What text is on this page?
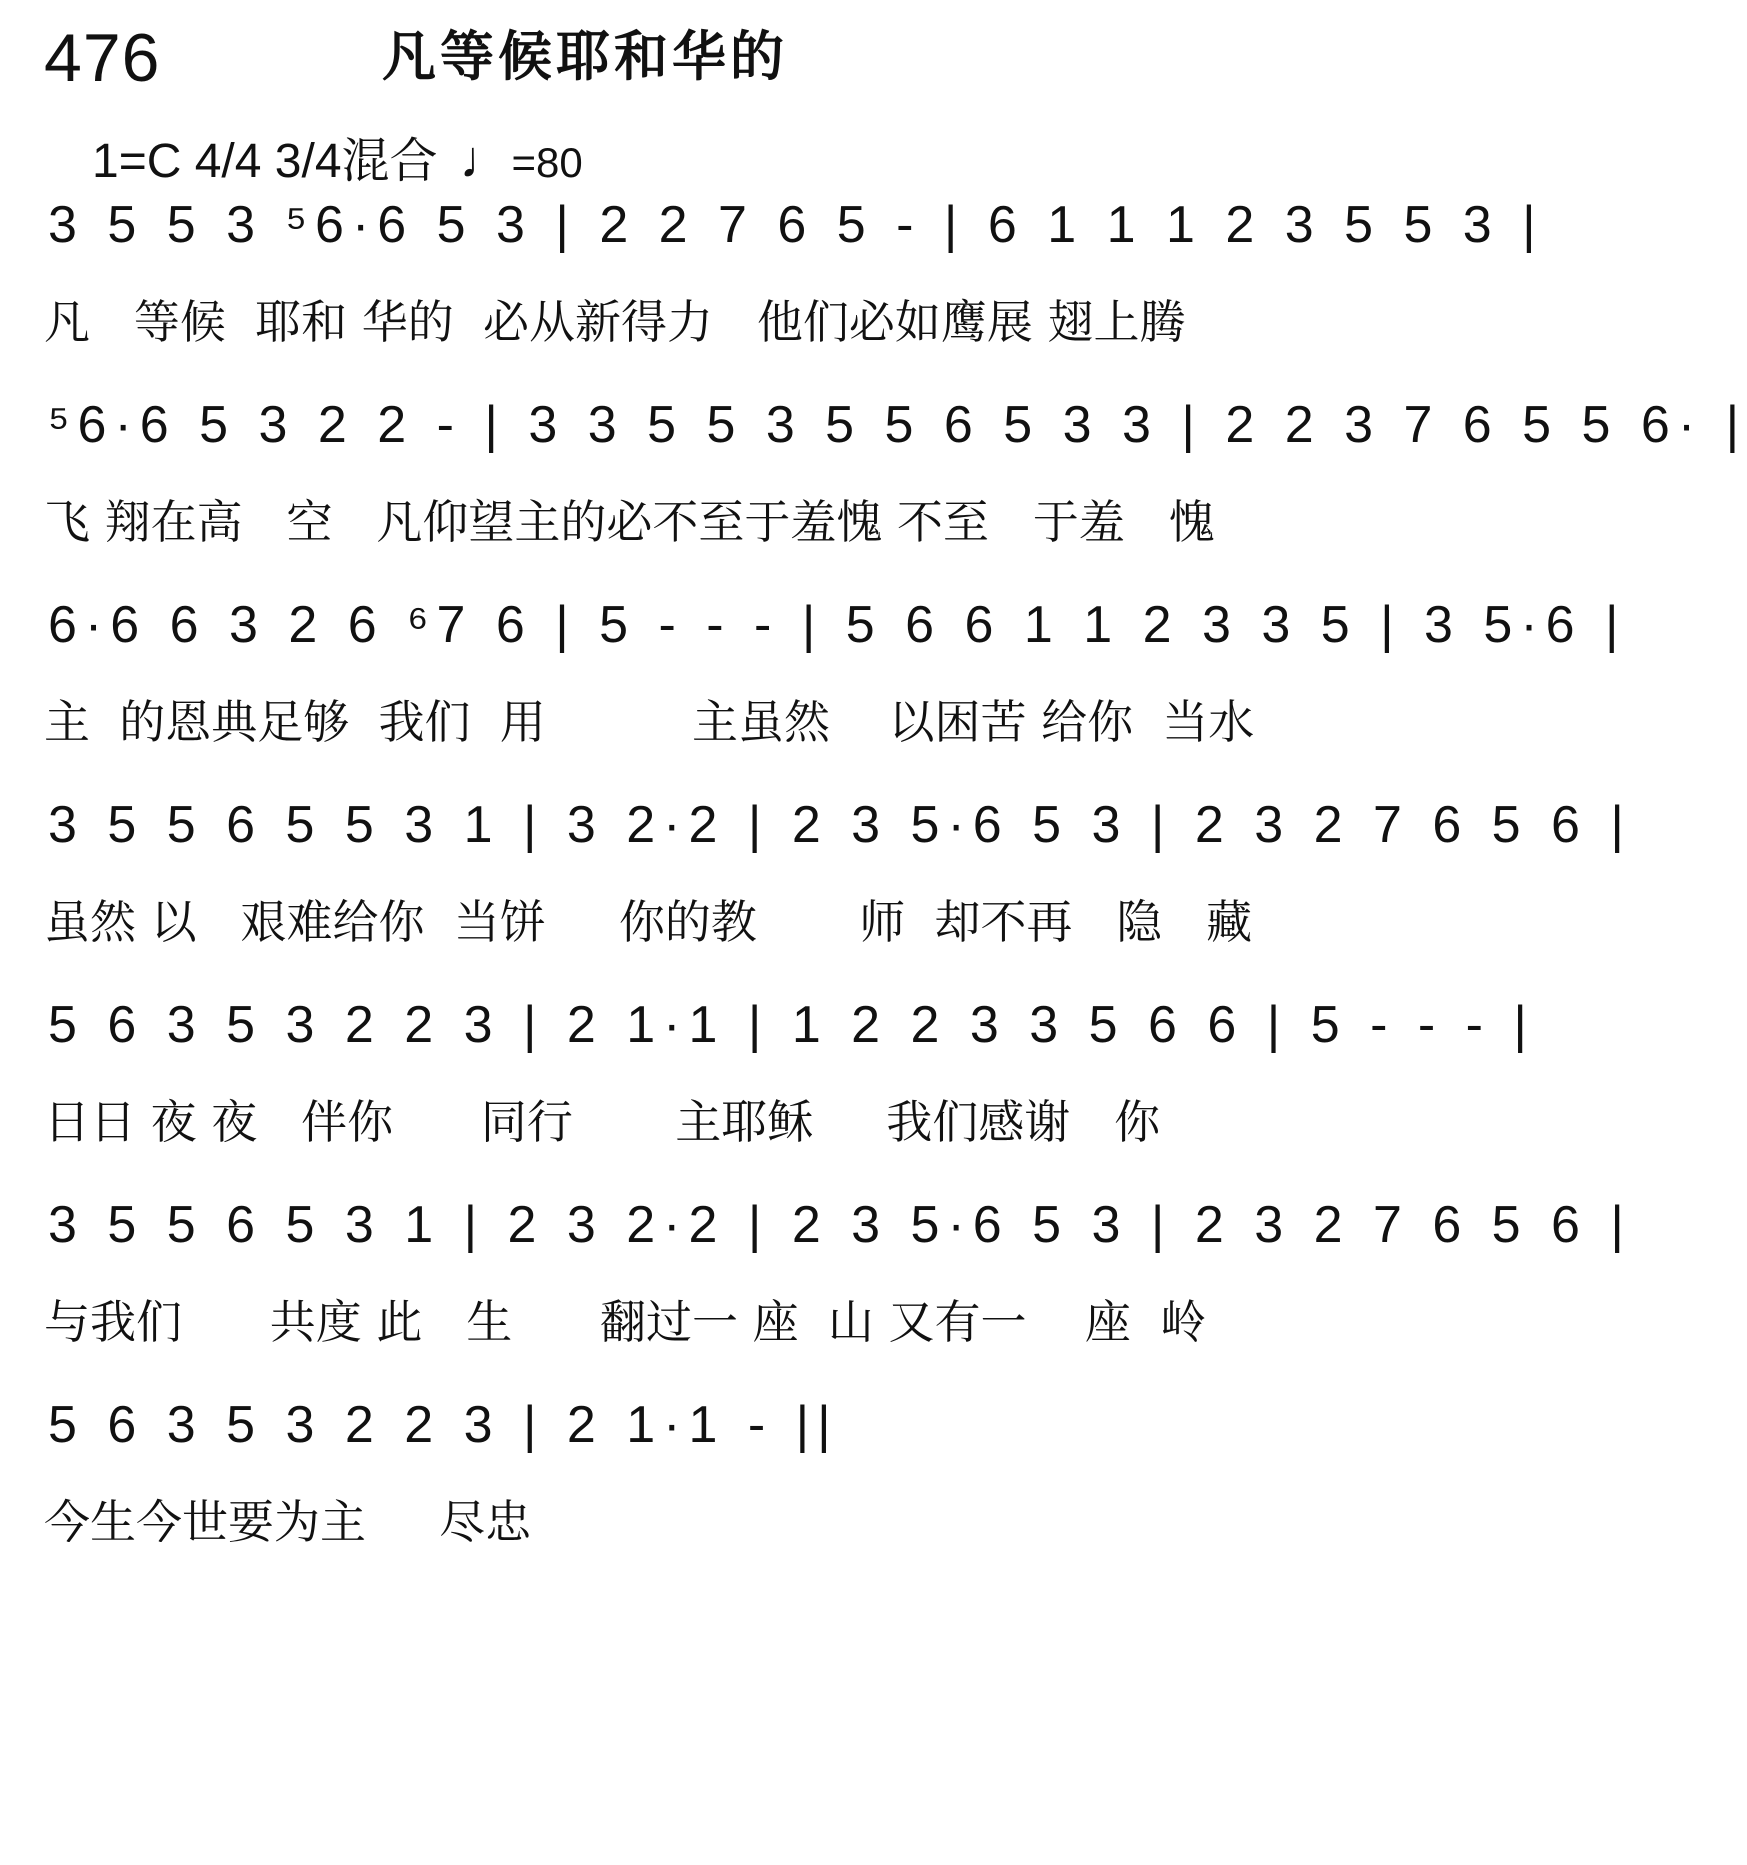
476	凡等候耶和华的
1=C 4/4 3/4混合 ♩=80
3 5 5 3 ⁵6·6 5 3 | 2 2 7 6 5 - | 6 1 1 1 2 3 5 5 3 |
凡   等候  耶和 华的  必从新得力   他们必如鹰展 翅上腾
⁵6·6 5 3 2 2 - | 3 3 5 5 3 5 5 6 5 3 3 | 2 2 3 7 6 5 5 6· |
飞 翔在高   空   凡仰望主的必不至于羞愧 不至   于羞   愧
6·6 6 3 2 6 ⁶7 6 | 5 - - - | 5 6 6 1 1 2 3 3 5 | 3 5·6 |
主  的恩典足够  我们  用          主虽然    以困苦 给你  当水
3 5 5 6 5 5 3 1 | 3 2·2 | 2 3 5·6 5 3 | 2 3 2 7 6 5 6 |
虽然 以   艰难给你  当饼     你的教       师  却不再   隐   藏
5 6 3 5 3 2 2 3 | 2 1·1 | 1 2 2 3 3 5 6 6 | 5 - - - |
日日 夜 夜   伴你      同行       主耶稣     我们感谢   你
3 5 5 6 5 3 1 | 2 3 2·2 | 2 3 5·6 5 3 | 2 3 2 7 6 5 6 |
与我们      共度 此   生      翻过一 座  山 又有一    座  岭
5 6 3 5 3 2 2 3 | 2 1·1 - ||
今生今世要为主     尽忠
